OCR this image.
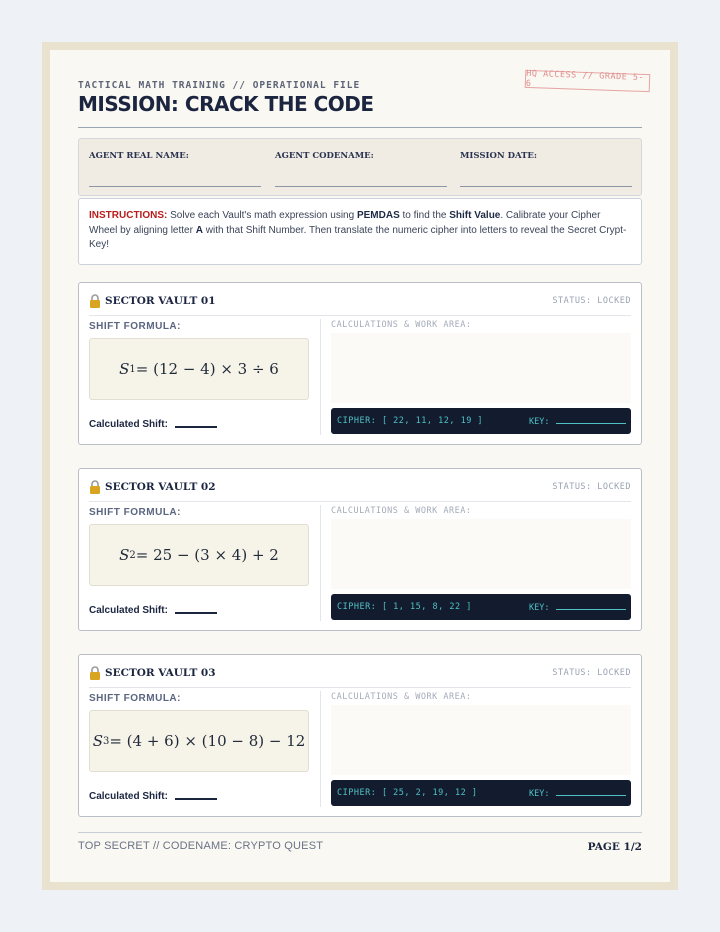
TACTICAL MATH TRAINING // OPERATIONAL FILE
HQ ACCESS // GRADE 5-6
MISSION: CRACK THE CODE
AGENT REAL NAME:	AGENT CODENAME:	MISSION DATE:
INSTRUCTIONS: Solve each Vault's math expression using PEMDAS to find the Shift Value. Calibrate your Cipher Wheel by aligning letter A with that Shift Number. Then translate the numeric cipher into letters to reveal the Secret Crypt-Key!
SECTOR VAULT 01	STATUS: LOCKED
SHIFT FORMULA:
S 1 = (12 − 4) × 3 ÷ 6
Calculated Shift:
CALCULATIONS & WORK AREA:
CIPHER: [ 22, 11, 12, 19 ]	KEY:
SECTOR VAULT 02	STATUS: LOCKED
SHIFT FORMULA:
S 2 = 25 − (3 × 4) + 2
Calculated Shift:
CALCULATIONS & WORK AREA:
CIPHER: [ 1, 15, 8, 22 ]	KEY:
SECTOR VAULT 03	STATUS: LOCKED
SHIFT FORMULA:
S 3 = (4 + 6) × (10 − 8) − 12
Calculated Shift:
CALCULATIONS & WORK AREA:
CIPHER: [ 25, 2, 19, 12 ]	KEY:
TOP SECRET // CODENAME: CRYPTO QUEST	PAGE 1/2
